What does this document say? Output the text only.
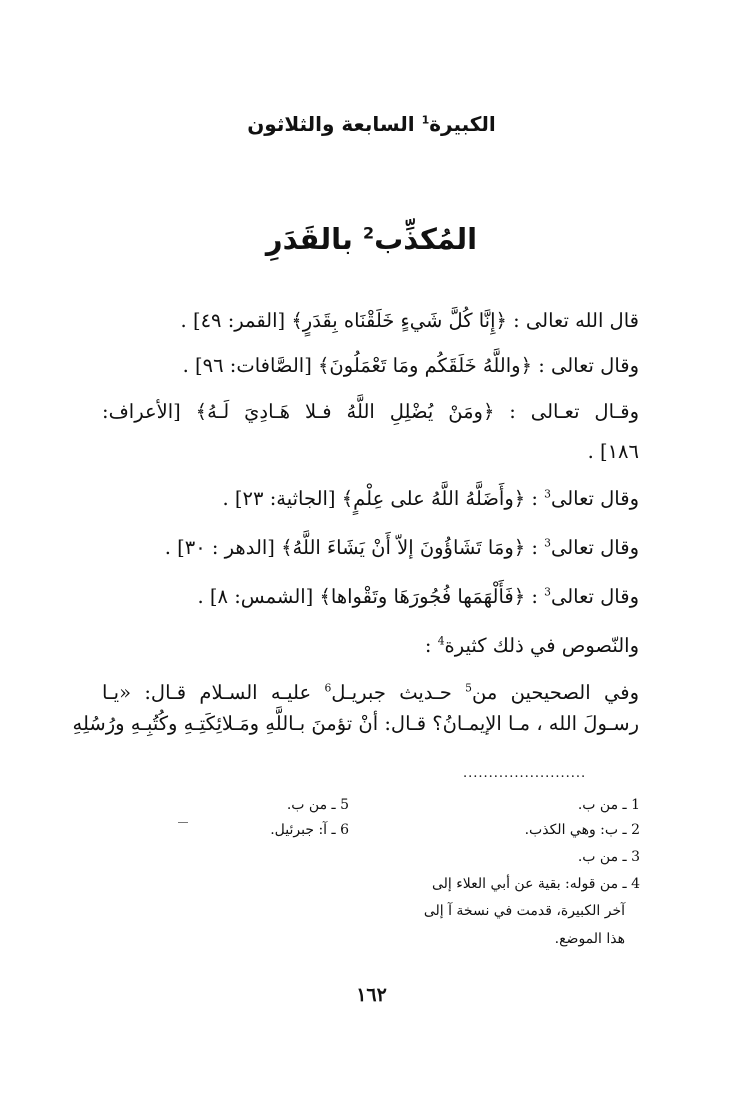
الكبيرة$^1$ السابعة والثلاثون
المُكذِّب$^2$ بالقَدَرِ
قال الله تعالى : ﴿إِنَّا كُلَّ شَيءٍ خَلَقْنَاه بِقَدَرٍ﴾ [القمر: ٤٩] .
وقال تعالى : ﴿واللَّهُ خَلَقَكُم ومَا تَعْمَلُونَ﴾ [الصَّافات: ٩٦] .
وقـال تعـالى : ﴿ومَنْ يُضْلِلِ اللَّهُ فـلا هَـادِيَ لَـهُ﴾ [الأعراف:
١٨٦] .
وقال تعالى$^3$ : ﴿وأَضَلَّهُ اللَّهُ على عِلْمٍ﴾ [الجاثية: ٢٣] .
وقال تعالى$^3$ : ﴿ومَا تَشَاؤُونَ إلاّ أَنْ يَشَاءَ اللَّهُ﴾ [الدهر : ٣٠] .
وقال تعالى$^3$ : ﴿فَأَلْهَمَها فُجُورَهَا وتَقْواها﴾ [الشمس: ٨] .
والنّصوص في ذلك كثيرة$^4$ :
وفي الصحيحين من$^5$ حـديث جبريـل$^6$ عليـه السـلام قـال: «يـا
رسـولَ الله ، مـا الإيمـانُ؟ قـال: أنْ تؤمنَ بـاللَّهِ ومَـلائِكَتِـهِ وكُتُبِـهِ ورُسُلِهِ
........................
1 ـ من ب.
2 ـ ب: وهي الكذب.
3 ـ من ب.
4 ـ من قوله: بقية عن أبي العلاء إلى
آخر الكبيرة، قدمت في نسخة آ إلى
هذا الموضع.
5 ـ من ب.
6 ـ آ: جبرئيل.
١٦٢
